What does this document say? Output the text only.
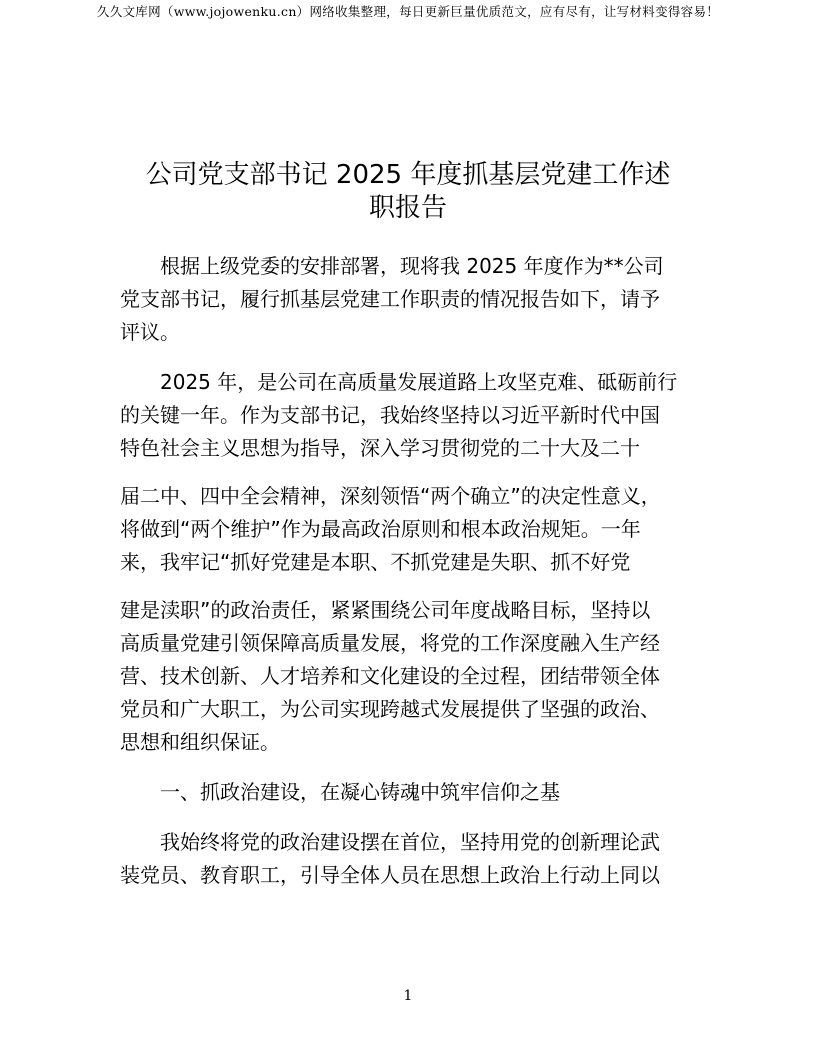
久久文库网（www.jojowenku.cn）网络收集整理，每日更新巨量优质范文，应有尽有，让写材料变得容易！
公司党支部书记 2025 年度抓基层党建工作述
职报告
　　根据上级党委的安排部署，现将我 2025 年度作为**公司
党支部书记，履行抓基层党建工作职责的情况报告如下，请予
评议。
　　2025 年，是公司在高质量发展道路上攻坚克难、砥砺前行
的关键一年。作为支部书记，我始终坚持以习近平新时代中国
特色社会主义思想为指导，深入学习贯彻党的二十大及二十
届二中、四中全会精神，深刻领悟“两个确立”的决定性意义，
将做到“两个维护”作为最高政治原则和根本政治规矩。一年
来，我牢记“抓好党建是本职、不抓党建是失职、抓不好党
建是渎职”的政治责任，紧紧围绕公司年度战略目标，坚持以
高质量党建引领保障高质量发展，将党的工作深度融入生产经
营、技术创新、人才培养和文化建设的全过程，团结带领全体
党员和广大职工，为公司实现跨越式发展提供了坚强的政治、
思想和组织保证。
　　一、抓政治建设，在凝心铸魂中筑牢信仰之基
　　我始终将党的政治建设摆在首位，坚持用党的创新理论武
装党员、教育职工，引导全体人员在思想上政治上行动上同以
1
